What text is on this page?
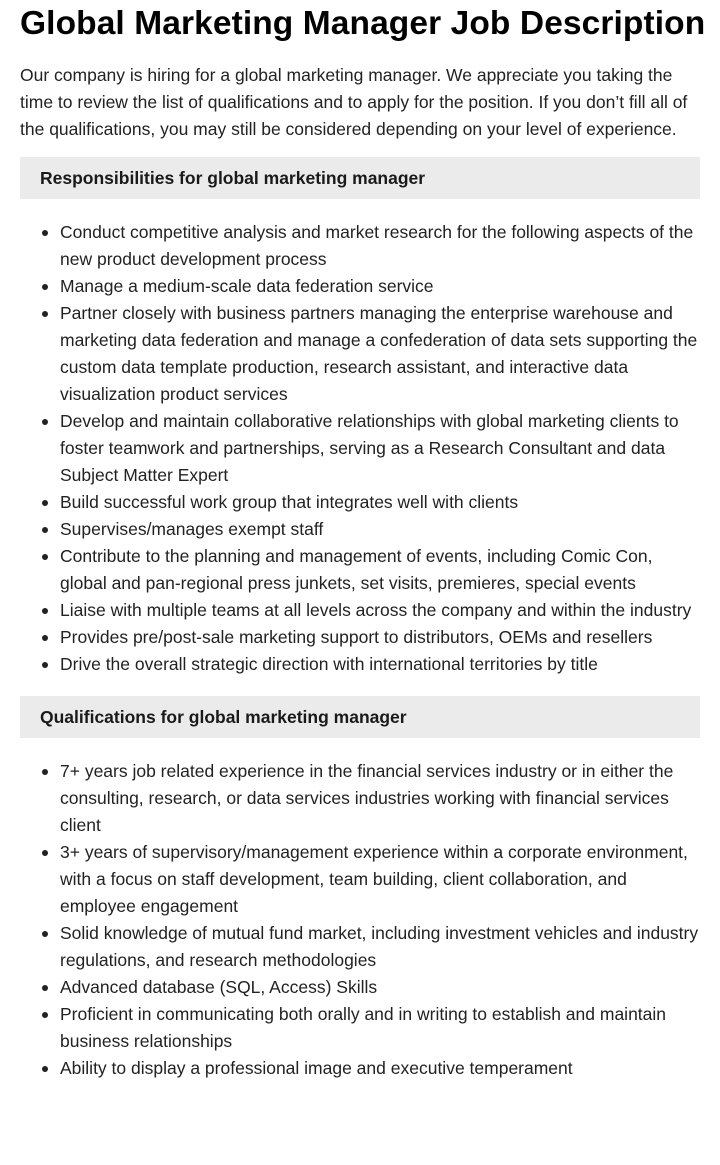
Global Marketing Manager Job Description

Our company is hiring for a global marketing manager. We appreciate you taking the time to review the list of qualifications and to apply for the position. If you don’t fill all of the qualifications, you may still be considered depending on your level of experience.

Responsibilities for global marketing manager
Conduct competitive analysis and market research for the following aspects of the new product development process
Manage a medium-scale data federation service
Partner closely with business partners managing the enterprise warehouse and marketing data federation and manage a confederation of data sets supporting the custom data template production, research assistant, and interactive data visualization product services
Develop and maintain collaborative relationships with global marketing clients to foster teamwork and partnerships, serving as a Research Consultant and data Subject Matter Expert
Build successful work group that integrates well with clients
Supervises/manages exempt staff
Contribute to the planning and management of events, including Comic Con, global and pan-regional press junkets, set visits, premieres, special events
Liaise with multiple teams at all levels across the company and within the industry
Provides pre/post-sale marketing support to distributors, OEMs and resellers
Drive the overall strategic direction with international territories by title
Qualifications for global marketing manager
7+ years job related experience in the financial services industry or in either the consulting, research, or data services industries working with financial services client
3+ years of supervisory/management experience within a corporate environment, with a focus on staff development, team building, client collaboration, and employee engagement
Solid knowledge of mutual fund market, including investment vehicles and industry regulations, and research methodologies
Advanced database (SQL, Access) Skills
Proficient in communicating both orally and in writing to establish and maintain business relationships
Ability to display a professional image and executive temperament
